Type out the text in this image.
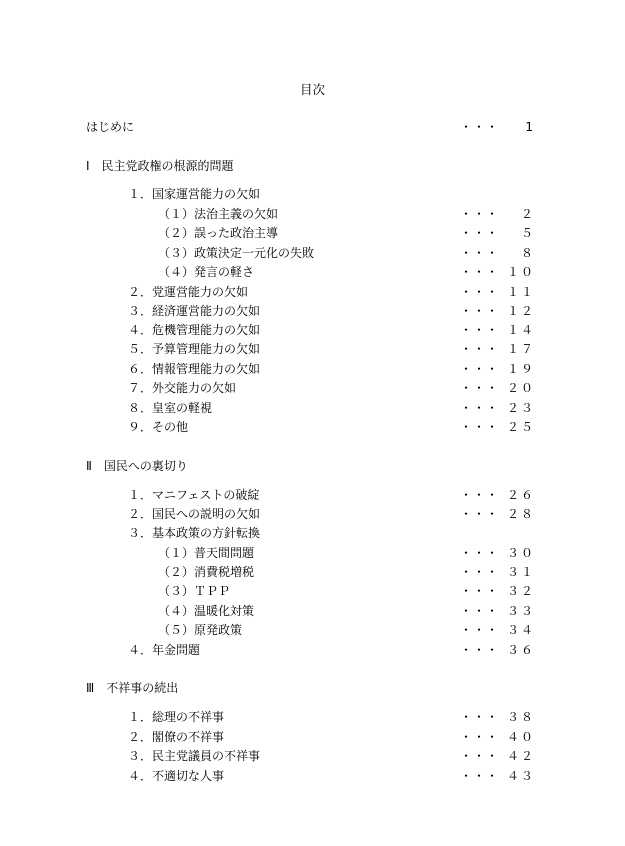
目次
はじめに	・・・ 1
Ⅰ　民主党政権の根源的問題
１．国家運営能力の欠如
（１）法治主義の欠如	・・・ ２
（２）誤った政治主導	・・・ ５
（３）政策決定一元化の失敗	・・・ ８
（４）発言の軽さ	・・・ １０
２．党運営能力の欠如	・・・ １１
３．経済運営能力の欠如	・・・ １２
４．危機管理能力の欠如	・・・ １４
５．予算管理能力の欠如	・・・ １７
６．情報管理能力の欠如	・・・ １９
７．外交能力の欠如	・・・ ２０
８．皇室の軽視	・・・ ２３
９．その他	・・・ ２５
Ⅱ　国民への裏切り
１．マニフェストの破綻	・・・ ２６
２．国民への説明の欠如	・・・ ２８
３．基本政策の方針転換
（１）普天間問題	・・・ ３０
（２）消費税増税	・・・ ３１
（３）ＴＰＰ	・・・ ３２
（４）温暖化対策	・・・ ３３
（５）原発政策	・・・ ３４
４．年金問題	・・・ ３６
Ⅲ　不祥事の続出
１．総理の不祥事	・・・ ３８
２．閣僚の不祥事	・・・ ４０
３．民主党議員の不祥事	・・・ ４２
４．不適切な人事	・・・ ４３
